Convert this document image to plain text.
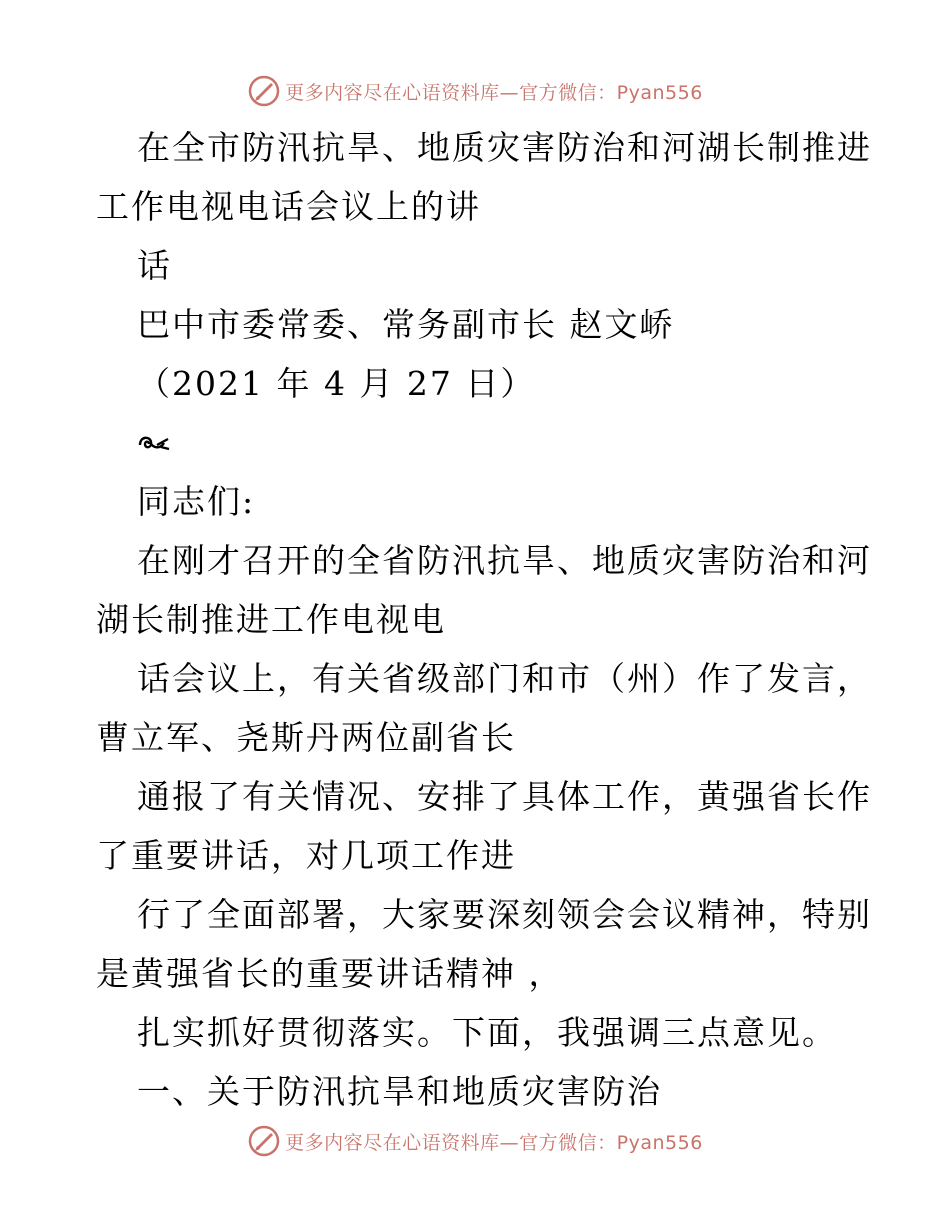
更多内容尽在心语资料库—官方微信：Pyan556
在全市防汛抗旱、地质灾害防治和河湖长制推进
工作电视电话会议上的讲
话
巴中市委常委、常务副市长 赵文峤
（2021 年 4 月 27 日）
同志们:
在刚才召开的全省防汛抗旱、地质灾害防治和河
湖长制推进工作电视电
话会议上，有关省级部门和市（州）作了发言，
曹立军、尧斯丹两位副省长
通报了有关情况、安排了具体工作，黄强省长作
了重要讲话，对几项工作进
行了全面部署，大家要深刻领会会议精神，特别
是黄强省长的重要讲话精神 ，
扎实抓好贯彻落实。下面，我强调三点意见。
一、关于防汛抗旱和地质灾害防治
更多内容尽在心语资料库—官方微信：Pyan556
